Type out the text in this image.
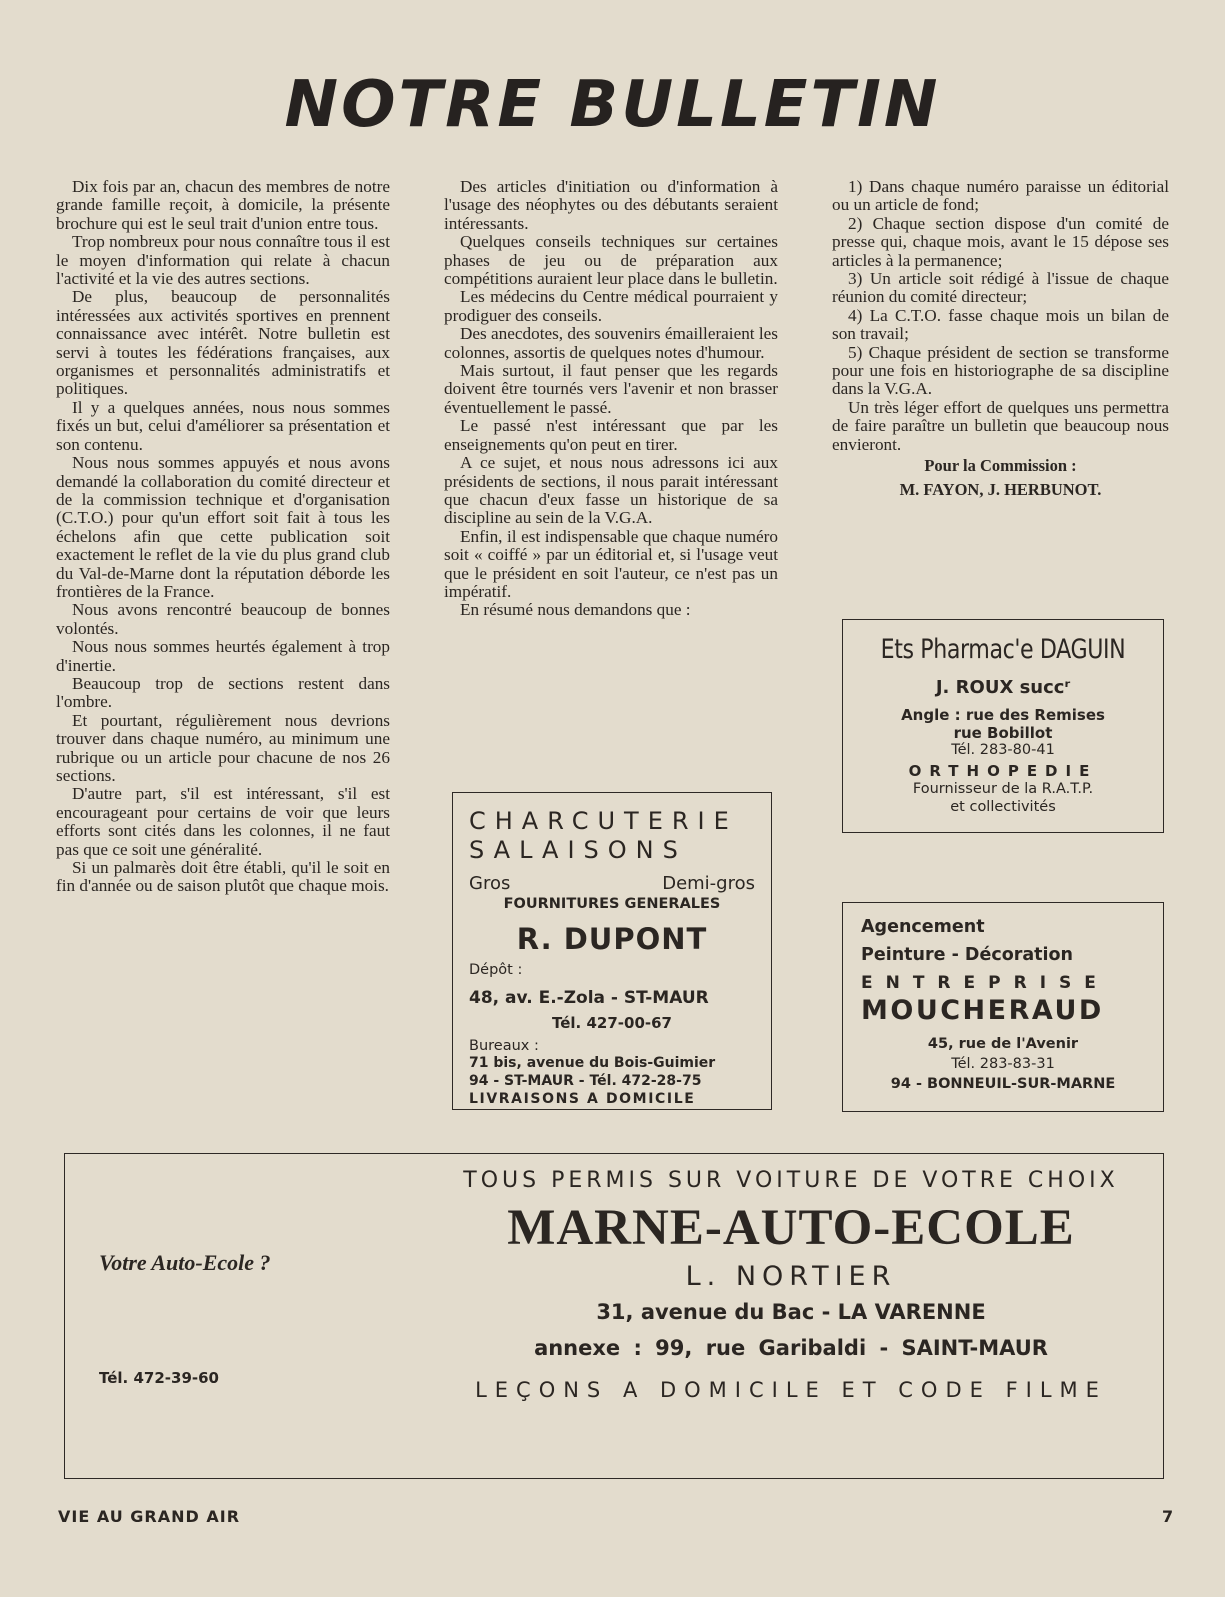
NOTRE BULLETIN

Dix fois par an, chacun des membres de notre grande famille reçoit, à domicile, la présente brochure qui est le seul trait d'union entre tous.

Trop nombreux pour nous connaître tous il est le moyen d'information qui relate à chacun l'activité et la vie des autres sections.

De plus, beaucoup de personnalités intéressées aux activités sportives en prennent connaissance avec intérêt. Notre bulletin est servi à toutes les fédérations françaises, aux organismes et personnalités administratifs et politiques.

Il y a quelques années, nous nous sommes fixés un but, celui d'améliorer sa présentation et son contenu.

Nous nous sommes appuyés et nous avons demandé la collaboration du comité directeur et de la commission technique et d'organisation (C.T.O.) pour qu'un effort soit fait à tous les échelons afin que cette publication soit exactement le reflet de la vie du plus grand club du Val-de-Marne dont la réputation déborde les frontières de la France.

Nous avons rencontré beaucoup de bonnes volontés.

Nous nous sommes heurtés également à trop d'inertie.

Beaucoup trop de sections restent dans l'ombre.

Et pourtant, régulièrement nous devrions trouver dans chaque numéro, au minimum une rubrique ou un article pour chacune de nos 26 sections.

D'autre part, s'il est intéressant, s'il est encourageant pour certains de voir que leurs efforts sont cités dans les colonnes, il ne faut pas que ce soit une généralité.

Si un palmarès doit être établi, qu'il le soit en fin d'année ou de saison plutôt que chaque mois.

Des articles d'initiation ou d'information à l'usage des néophytes ou des débutants seraient intéressants.

Quelques conseils techniques sur certaines phases de jeu ou de préparation aux compétitions auraient leur place dans le bulletin.

Les médecins du Centre médical pourraient y prodiguer des conseils.

Des anecdotes, des souvenirs émailleraient les colonnes, assortis de quelques notes d'humour.

Mais surtout, il faut penser que les regards doivent être tournés vers l'avenir et non brasser éventuellement le passé.

Le passé n'est intéressant que par les enseignements qu'on peut en tirer.

A ce sujet, et nous nous adressons ici aux présidents de sections, il nous parait intéressant que chacun d'eux fasse un historique de sa discipline au sein de la V.G.A.

Enfin, il est indispensable que chaque numéro soit « coiffé » par un éditorial et, si l'usage veut que le président en soit l'auteur, ce n'est pas un impératif.

En résumé nous demandons que :

1) Dans chaque numéro paraisse un éditorial ou un article de fond;

2) Chaque section dispose d'un comité de presse qui, chaque mois, avant le 15 dépose ses articles à la permanence;

3) Un article soit rédigé à l'issue de chaque réunion du comité directeur;

4) La C.T.O. fasse chaque mois un bilan de son travail;

5) Chaque président de section se transforme pour une fois en historiographe de sa discipline dans la V.G.A.

Un très léger effort de quelques uns permettra de faire paraître un bulletin que beaucoup nous envieront.

Pour la Commission :

M. FAYON, J. HERBUNOT.

Ets Pharmac'e DAGUIN
J. ROUX succʳ
Angle : rue des Remises
rue Bobillot
Tél. 283-80-41
ORTHOPEDIE
Fournisseur de la R.A.T.P.
et collectivités
CHARCUTERIE
SALAISONS
Gros	Demi-gros
FOURNITURES GENERALES
R. DUPONT
Dépôt :
48, av. E.-Zola - ST-MAUR
Tél. 427-00-67
Bureaux :
71 bis, avenue du Bois-Guimier
94 - ST-MAUR - Tél. 472-28-75
LIVRAISONS A DOMICILE
Agencement
Peinture - Décoration
ENTREPRISE
MOUCHERAUD
45, rue de l'Avenir
Tél. 283-83-31
94 - BONNEUIL-SUR-MARNE
Votre Auto-Ecole ?
Tél. 472-39-60
TOUS PERMIS SUR VOITURE DE VOTRE CHOIX
MARNE-AUTO-ECOLE
L. NORTIER
31, avenue du Bac - LA VARENNE
annexe : 99, rue Garibaldi - SAINT-MAUR
LEÇONS A DOMICILE ET CODE FILME
VIE AU GRAND AIR	7
